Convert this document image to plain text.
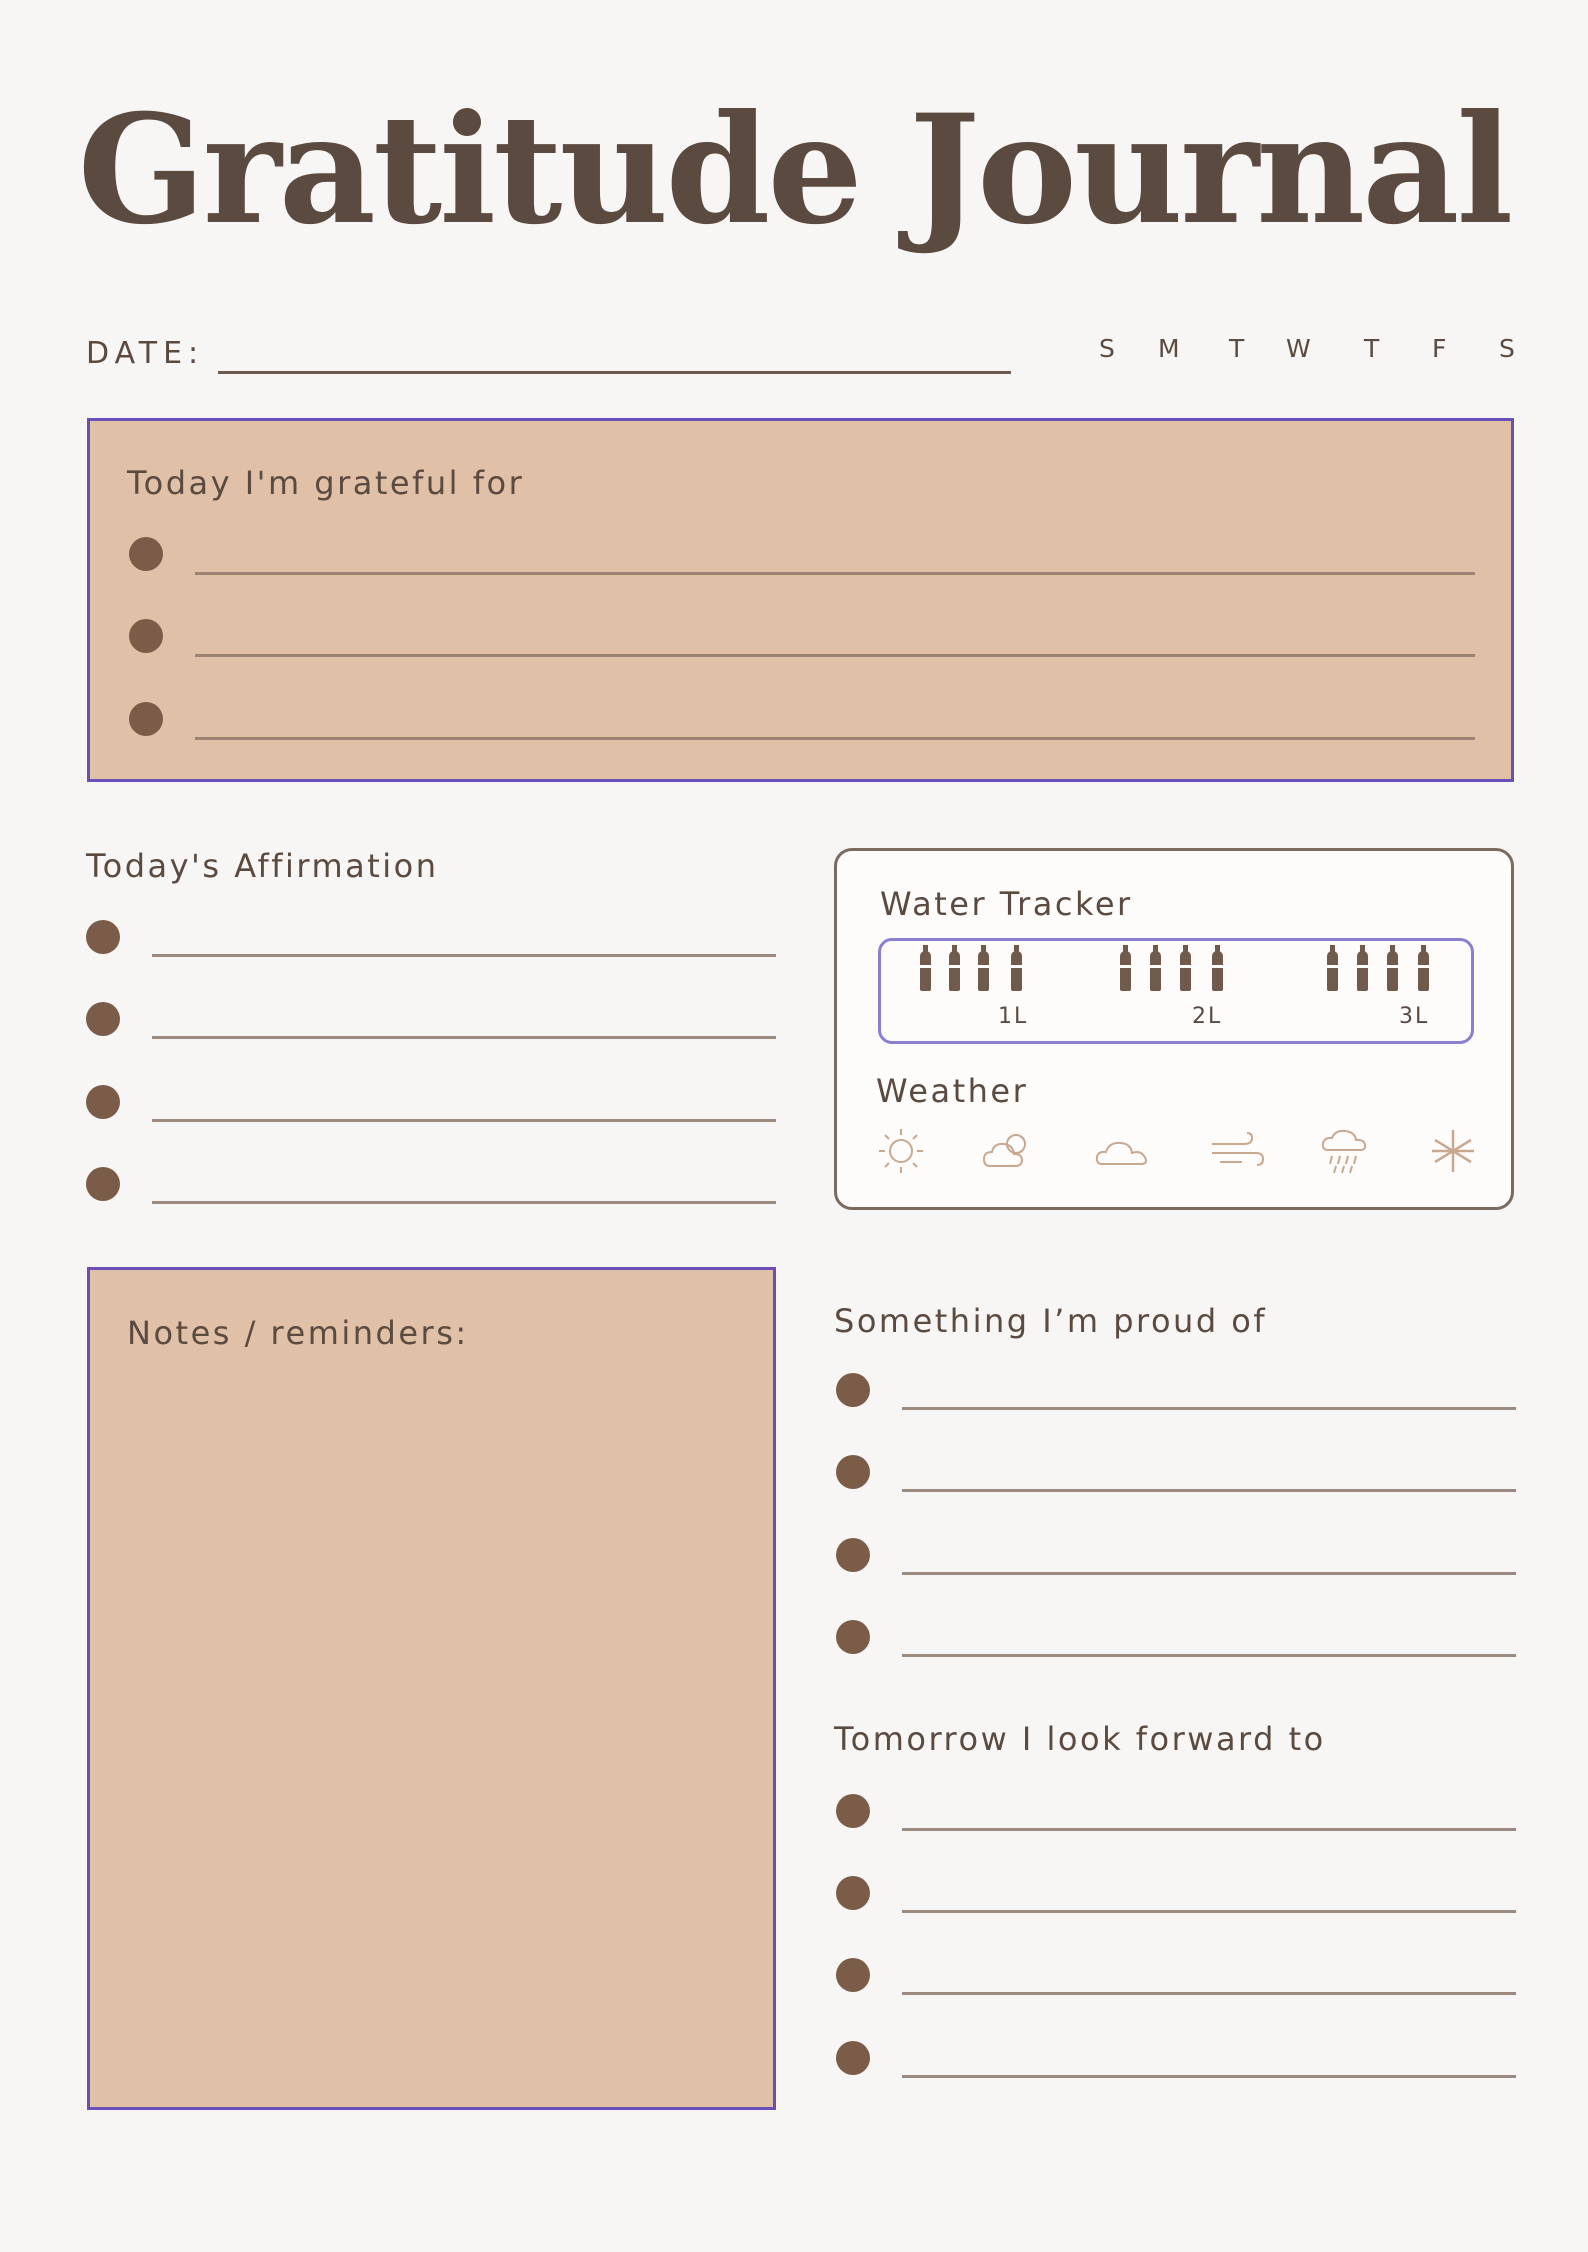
Gratitude Journal
DATE:	S M T W T F S
Today I'm grateful for
Today's Affirmation
Water Tracker
1L	2L	3L
Weather
Notes / reminders:	Something I’m proud of
Tomorrow I look forward to
